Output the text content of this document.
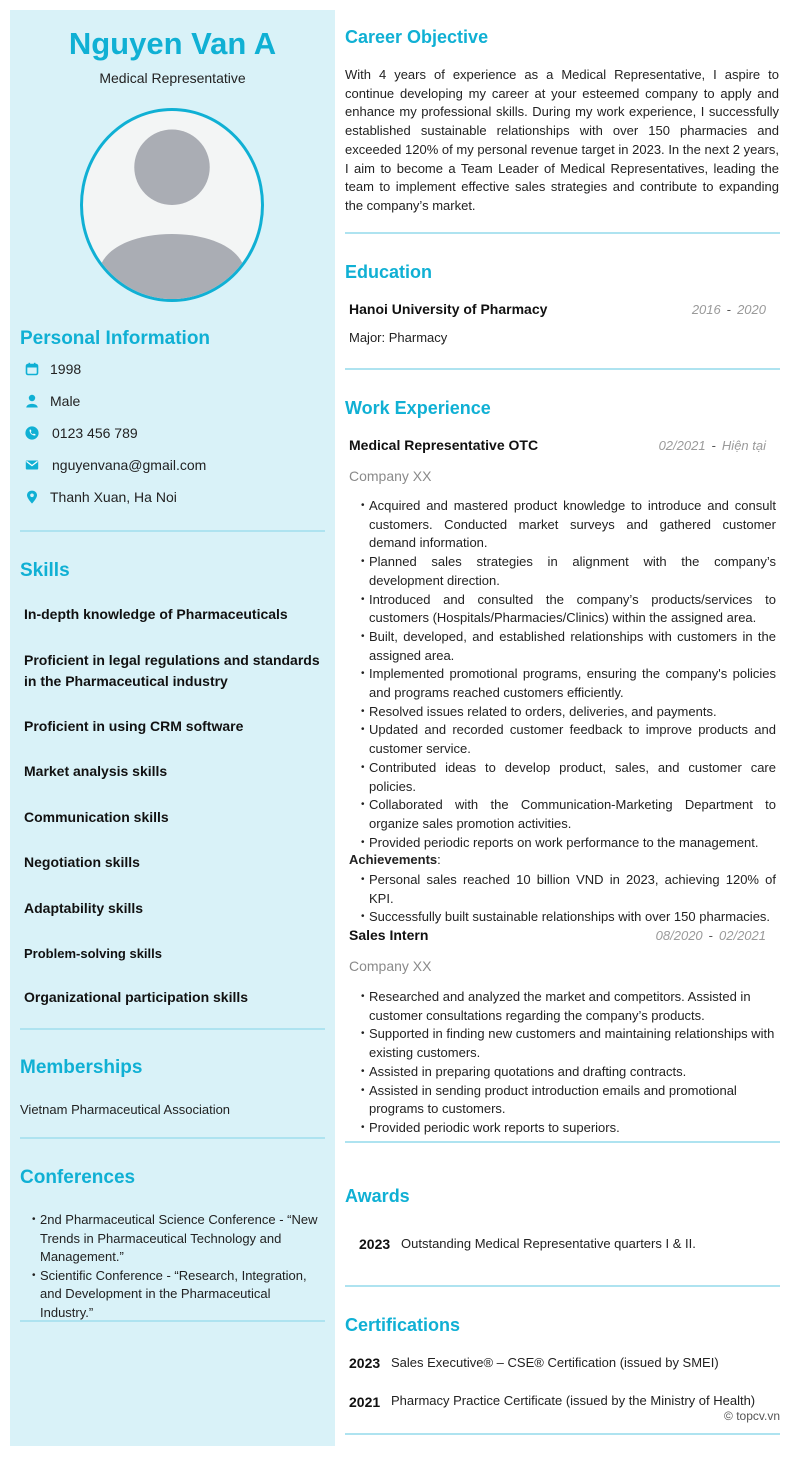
Nguyen Van A
Medical Representative
Personal Information
1998
Male
0123 456 789
nguyenvana@gmail.com
Thanh Xuan, Ha Noi
Skills
In-depth knowledge of Pharmaceuticals
Proficient in legal regulations and standards in the Pharmaceutical industry
Proficient in using CRM software
Market analysis skills
Communication skills
Negotiation skills
Adaptability skills
Problem-solving skills
Organizational participation skills
Memberships
Vietnam Pharmaceutical Association
Conferences
• 2nd Pharmaceutical Science Conference - “New Trends in Pharmaceutical Technology and Management.”
• Scientific Conference - “Research, Integration, and Development in the Pharmaceutical Industry.”
Career Objective
With 4 years of experience as a Medical Representative, I aspire to continue developing my career at your esteemed company to apply and enhance my professional skills. During my work experience, I successfully established sustainable relationships with over 150 pharmacies and exceeded 120% of my personal revenue target in 2023. In the next 2 years, I aim to become a Team Leader of Medical Representatives, leading the team to implement effective sales strategies and contribute to expanding the company’s market.
Education
Hanoi University of Pharmacy	2016 - 2020
Major: Pharmacy
Work Experience
Medical Representative OTC	02/2021 - Hiện tại
Company XX
• Acquired and mastered product knowledge to introduce and consult customers. Conducted market surveys and gathered customer demand information.
• Planned sales strategies in alignment with the company’s development direction.
• Introduced and consulted the company’s products/services to customers (Hospitals/Pharmacies/Clinics) within the assigned area.
• Built, developed, and established relationships with customers in the assigned area.
• Implemented promotional programs, ensuring the company's policies and programs reached customers efficiently.
• Resolved issues related to orders, deliveries, and payments.
• Updated and recorded customer feedback to improve products and customer service.
• Contributed ideas to develop product, sales, and customer care policies.
• Collaborated with the Communication-Marketing Department to organize sales promotion activities.
• Provided periodic reports on work performance to the management.
Achievements:
• Personal sales reached 10 billion VND in 2023, achieving 120% of KPI.
• Successfully built sustainable relationships with over 150 pharmacies.
Sales Intern	08/2020 - 02/2021
Company XX
• Researched and analyzed the market and competitors. Assisted in customer consultations regarding the company’s products.
• Supported in finding new customers and maintaining relationships with existing customers.
• Assisted in preparing quotations and drafting contracts.
• Assisted in sending product introduction emails and promotional programs to customers.
• Provided periodic work reports to superiors.
Awards
2023 Outstanding Medical Representative quarters I & II.
Certifications
2023 Sales Executive® – CSE® Certification (issued by SMEI)
2021 Pharmacy Practice Certificate (issued by the Ministry of Health)
© topcv.vn
